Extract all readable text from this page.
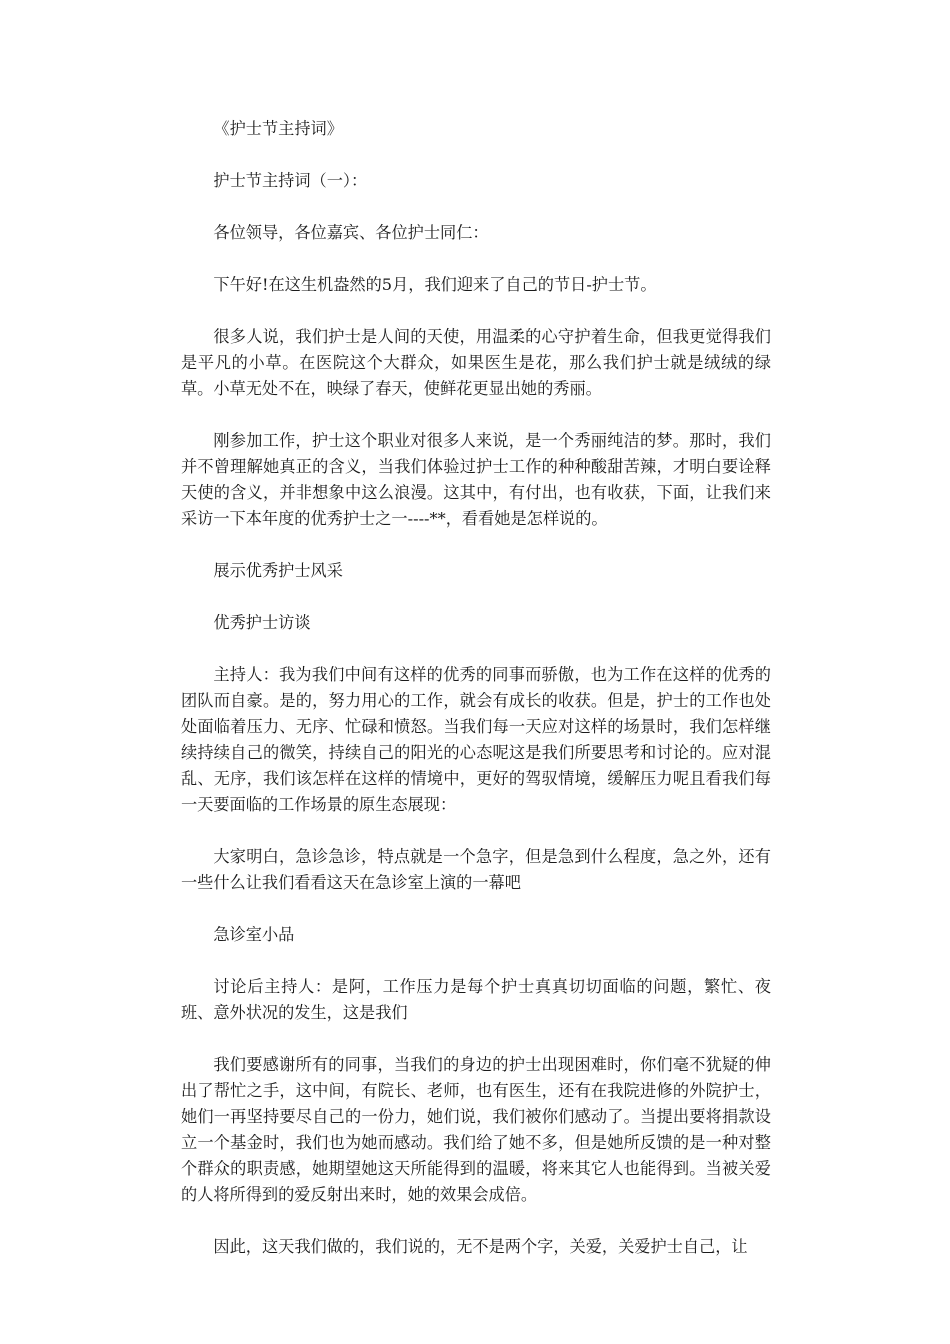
《护士节主持词》

护士节主持词（一）：

各位领导，各位嘉宾、各位护士同仁：

下午好!在这生机盎然的5月，我们迎来了自己的节日-护士节。

很多人说，我们护士是人间的天使，用温柔的心守护着生命，但我更觉得我们是平凡的小草。在医院这个大群众，如果医生是花，那么我们护士就是绒绒的绿草。小草无处不在，映绿了春天，使鲜花更显出她的秀丽。

刚参加工作，护士这个职业对很多人来说，是一个秀丽纯洁的梦。那时，我们并不曾理解她真正的含义，当我们体验过护士工作的种种酸甜苦辣，才明白要诠释天使的含义，并非想象中这么浪漫。这其中，有付出，也有收获，下面，让我们来采访一下本年度的优秀护士之一----**，看看她是怎样说的。

展示优秀护士风采

优秀护士访谈

主持人：我为我们中间有这样的优秀的同事而骄傲，也为工作在这样的优秀的团队而自豪。是的，努力用心的工作，就会有成长的收获。但是，护士的工作也处处面临着压力、无序、忙碌和愤怒。当我们每一天应对这样的场景时，我们怎样继续持续自己的微笑，持续自己的阳光的心态呢这是我们所要思考和讨论的。应对混乱、无序，我们该怎样在这样的情境中，更好的驾驭情境，缓解压力呢且看我们每一天要面临的工作场景的原生态展现：

大家明白，急诊急诊，特点就是一个急字，但是急到什么程度，急之外，还有一些什么让我们看看这天在急诊室上演的一幕吧

急诊室小品

讨论后主持人：是阿，工作压力是每个护士真真切切面临的问题，繁忙、夜班、意外状况的发生，这是我们

我们要感谢所有的同事，当我们的身边的护士出现困难时，你们毫不犹疑的伸出了帮忙之手，这中间，有院长、老师，也有医生，还有在我院进修的外院护士，她们一再坚持要尽自己的一份力，她们说，我们被你们感动了。当提出要将捐款设立一个基金时，我们也为她而感动。我们给了她不多，但是她所反馈的是一种对整个群众的职责感，她期望她这天所能得到的温暖，将来其它人也能得到。当被关爱的人将所得到的爱反射出来时，她的效果会成倍。

因此，这天我们做的，我们说的，无不是两个字，关爱，关爱护士自己，让
